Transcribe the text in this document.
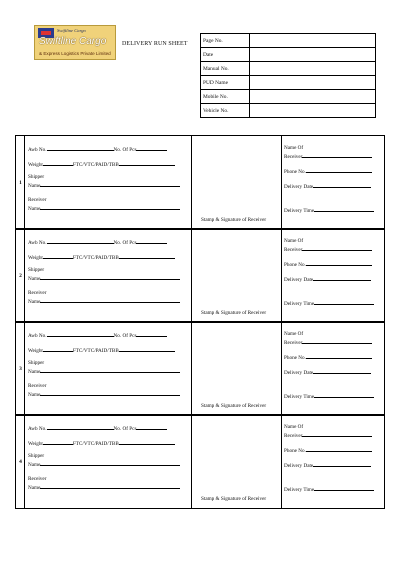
Swiftline Cargo
Swiftline Cargo
& Express Logistics Private Limited
DELIVERY RUN SHEET
Page No.	
Date	
Manual No.	
PUD Name	
Mobile No.	
Vehicle No.	
1
Awb No.	No. Of Pcs
Weight	FTC/VTC/PAID/TBB
Shipper
Name
Receiver
Name
Stamp & Signature of Receiver
Name Of
Receiver
Phone No.
Delivery Date
Delivery Time
2
Awb No.	No. Of Pcs
Weight	FTC/VTC/PAID/TBB
Shipper
Name
Receiver
Name
Stamp & Signature of Receiver
Name Of
Receiver
Phone No.
Delivery Date
Delivery Time
3
Awb No.	No. Of Pcs
Weight	FTC/VTC/PAID/TBB
Shipper
Name
Receiver
Name
Stamp & Signature of Receiver
Name Of
Receiver
Phone No.
Delivery Date
Delivery Time
4
Awb No.	No. Of Pcs
Weight	FTC/VTC/PAID/TBB
Shipper
Name
Receiver
Name
Stamp & Signature of Receiver
Name Of
Receiver
Phone No.
Delivery Date
Delivery Time
